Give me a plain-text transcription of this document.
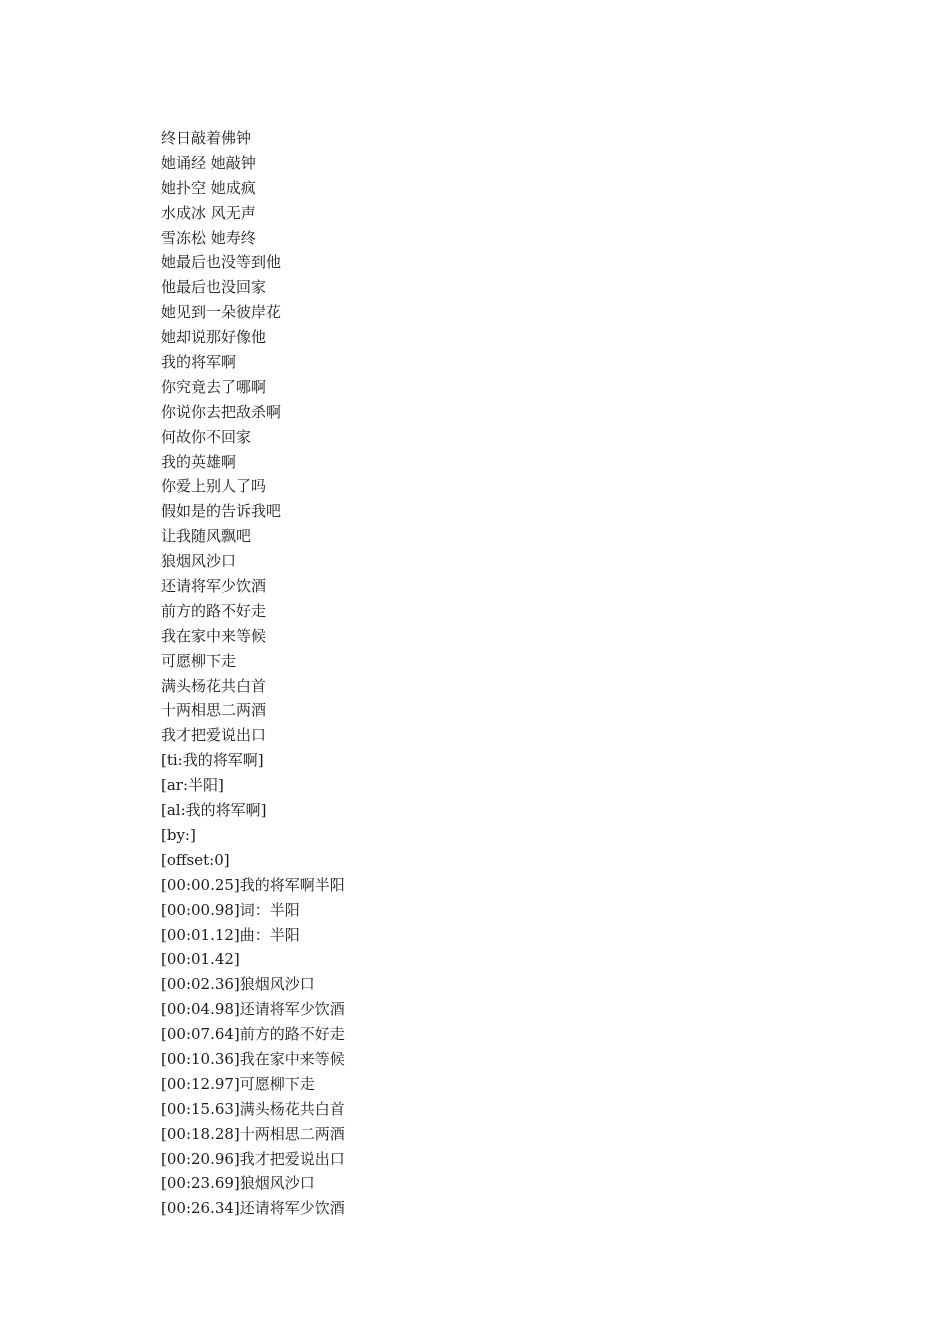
终日敲着佛钟
她诵经 她敲钟
她扑空 她成疯
水成冰 风无声
雪冻松 她寿终
她最后也没等到他
他最后也没回家
她见到一朵彼岸花
她却说那好像他
我的将军啊
你究竟去了哪啊
你说你去把敌杀啊
何故你不回家
我的英雄啊
你爱上别人了吗
假如是的告诉我吧
让我随风飘吧
狼烟风沙口
还请将军少饮酒
前方的路不好走
我在家中来等候
可愿柳下走
满头杨花共白首
十两相思二两酒
我才把爱说出口
[ti:我的将军啊]
[ar:半阳]
[al:我的将军啊]
[by:]
[offset:0]
[00:00.25]我的将军啊半阳
[00:00.98]词：半阳
[00:01.12]曲：半阳
[00:01.42]
[00:02.36]狼烟风沙口
[00:04.98]还请将军少饮酒
[00:07.64]前方的路不好走
[00:10.36]我在家中来等候
[00:12.97]可愿柳下走
[00:15.63]满头杨花共白首
[00:18.28]十两相思二两酒
[00:20.96]我才把爱说出口
[00:23.69]狼烟风沙口
[00:26.34]还请将军少饮酒
